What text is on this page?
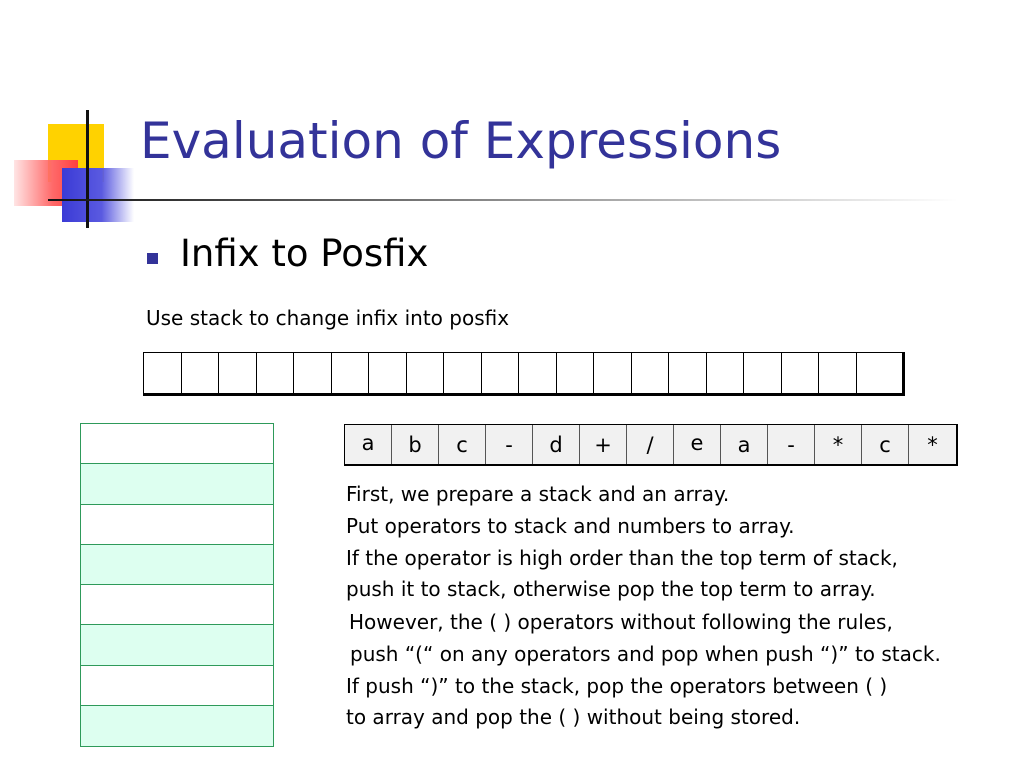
Evaluation of Expressions
Infix to Posfix
Use stack to change infix into posfix
a	b	c	-	d	+	/	e	a	-	*	c	*
First, we prepare a stack and an array.
Put operators to stack and numbers to array.
If the operator is high order than the top term of stack,
push it to stack, otherwise pop the top term to array.
However, the ( ) operators without following the rules,
push “(“ on any operators and pop when push “)” to stack.
If push “)” to the stack, pop the operators between ( )
to array and pop the ( ) without being stored.
